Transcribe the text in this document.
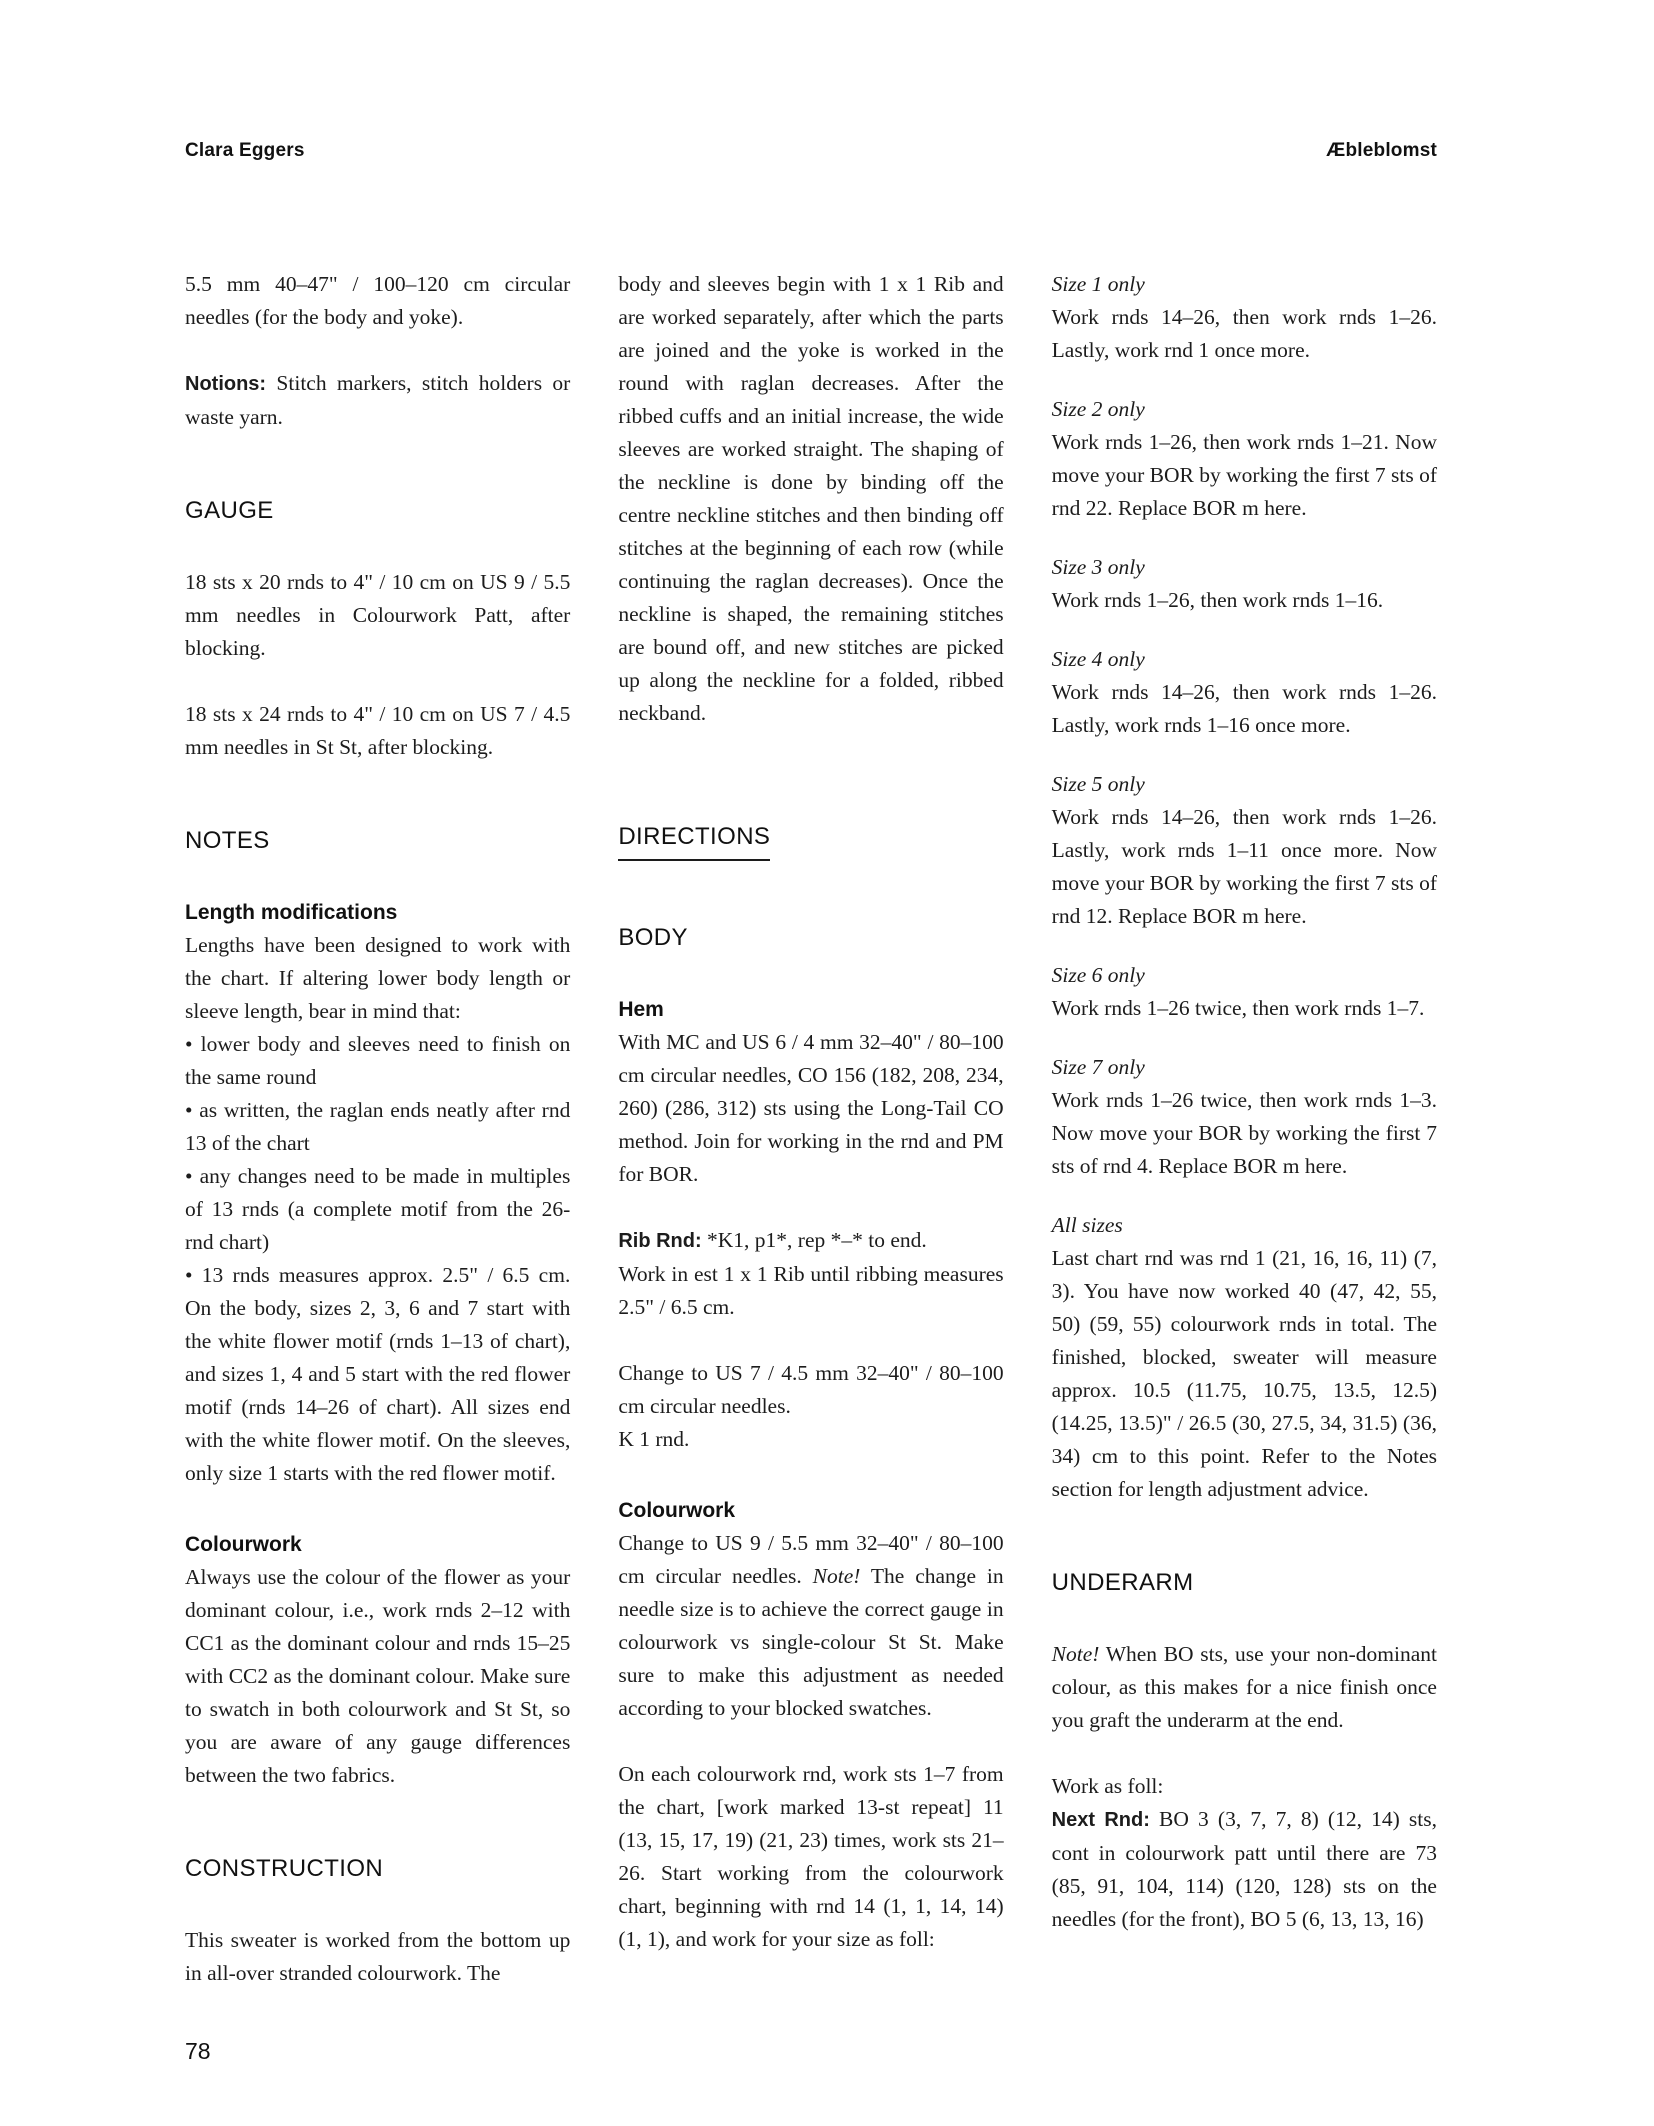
Clara Eggers	Æbleblomst

5.5 mm 40–47" / 100–120 cm circular needles (for the body and yoke).

Notions: Stitch markers, stitch holders or waste yarn.

GAUGE

18 sts x 20 rnds to 4" / 10 cm on US 9 / 5.5 mm needles in Colourwork Patt, after blocking.

18 sts x 24 rnds to 4" / 10 cm on US 7 / 4.5 mm needles in St St, after blocking.

NOTES
Length modifications

Lengths have been designed to work with the chart. If altering lower body length or sleeve length, bear in mind that:

• lower body and sleeves need to finish on the same round
• as written, the raglan ends neatly after rnd 13 of the chart
• any changes need to be made in multiples of 13 rnds (a complete motif from the 26-rnd chart)
• 13 rnds measures approx. 2.5" / 6.5 cm. On the body, sizes 2, 3, 6 and 7 start with the white flower motif (rnds 1–13 of chart), and sizes 1, 4 and 5 start with the red flower motif (rnds 14–26 of chart). All sizes end with the white flower motif. On the sleeves, only size 1 starts with the red flower motif.
Colourwork

Always use the colour of the flower as your dominant colour, i.e., work rnds 2–12 with CC1 as the dominant colour and rnds 15–25 with CC2 as the dominant colour. Make sure to swatch in both colourwork and St St, so you are aware of any gauge differences between the two fabrics.

CONSTRUCTION

This sweater is worked from the bottom up in all-over stranded colourwork. The

body and sleeves begin with 1 x 1 Rib and are worked separately, after which the parts are joined and the yoke is worked in the round with raglan decreases. After the ribbed cuffs and an initial increase, the wide sleeves are worked straight. The shaping of the neckline is done by binding off the centre neckline stitches and then binding off stitches at the beginning of each row (while continuing the raglan decreases). Once the neckline is shaped, the remaining stitches are bound off, and new stitches are picked up along the neckline for a folded, ribbed neckband.

DIRECTIONS
BODY
Hem

With MC and US 6 / 4 mm 32–40" / 80–100 cm circular needles, CO 156 (182, 208, 234, 260) (286, 312) sts using the Long-Tail CO method. Join for working in the rnd and PM for BOR.

Rib Rnd: *K1, p1*, rep *–* to end.
Work in est 1 x 1 Rib until ribbing measures 2.5" / 6.5 cm.
Change to US 7 / 4.5 mm 32–40" / 80–100 cm circular needles.
K 1 rnd.
Colourwork

Change to US 9 / 5.5 mm 32–40" / 80–100 cm circular needles. Note! The change in needle size is to achieve the correct gauge in colourwork vs single-colour St St. Make sure to make this adjustment as needed according to your blocked swatches.

On each colourwork rnd, work sts 1–7 from the chart, [work marked 13-st repeat] 11 (13, 15, 17, 19) (21, 23) times, work sts 21–26. Start working from the colourwork chart, beginning with rnd 14 (1, 1, 14, 14) (1, 1), and work for your size as foll:

Size 1 only
Work rnds 14–26, then work rnds 1–26. Lastly, work rnd 1 once more.
Size 2 only
Work rnds 1–26, then work rnds 1–21. Now move your BOR by working the first 7 sts of rnd 22. Replace BOR m here.
Size 3 only
Work rnds 1–26, then work rnds 1–16.
Size 4 only
Work rnds 14–26, then work rnds 1–26. Lastly, work rnds 1–16 once more.
Size 5 only
Work rnds 14–26, then work rnds 1–26. Lastly, work rnds 1–11 once more. Now move your BOR by working the first 7 sts of rnd 12. Replace BOR m here.
Size 6 only
Work rnds 1–26 twice, then work rnds 1–7.
Size 7 only
Work rnds 1–26 twice, then work rnds 1–3. Now move your BOR by working the first 7 sts of rnd 4. Replace BOR m here.
All sizes
Last chart rnd was rnd 1 (21, 16, 16, 11) (7, 3). You have now worked 40 (47, 42, 55, 50) (59, 55) colourwork rnds in total. The finished, blocked, sweater will measure approx. 10.5 (11.75, 10.75, 13.5, 12.5) (14.25, 13.5)" / 26.5 (30, 27.5, 34, 31.5) (36, 34) cm to this point. Refer to the Notes section for length adjustment advice.
UNDERARM

Note! When BO sts, use your non-dominant colour, as this makes for a nice finish once you graft the underarm at the end.

Work as foll:
Next Rnd: BO 3 (3, 7, 7, 8) (12, 14) sts, cont in colourwork patt until there are 73 (85, 91, 104, 114) (120, 128) sts on the needles (for the front), BO 5 (6, 13, 13, 16)
78
